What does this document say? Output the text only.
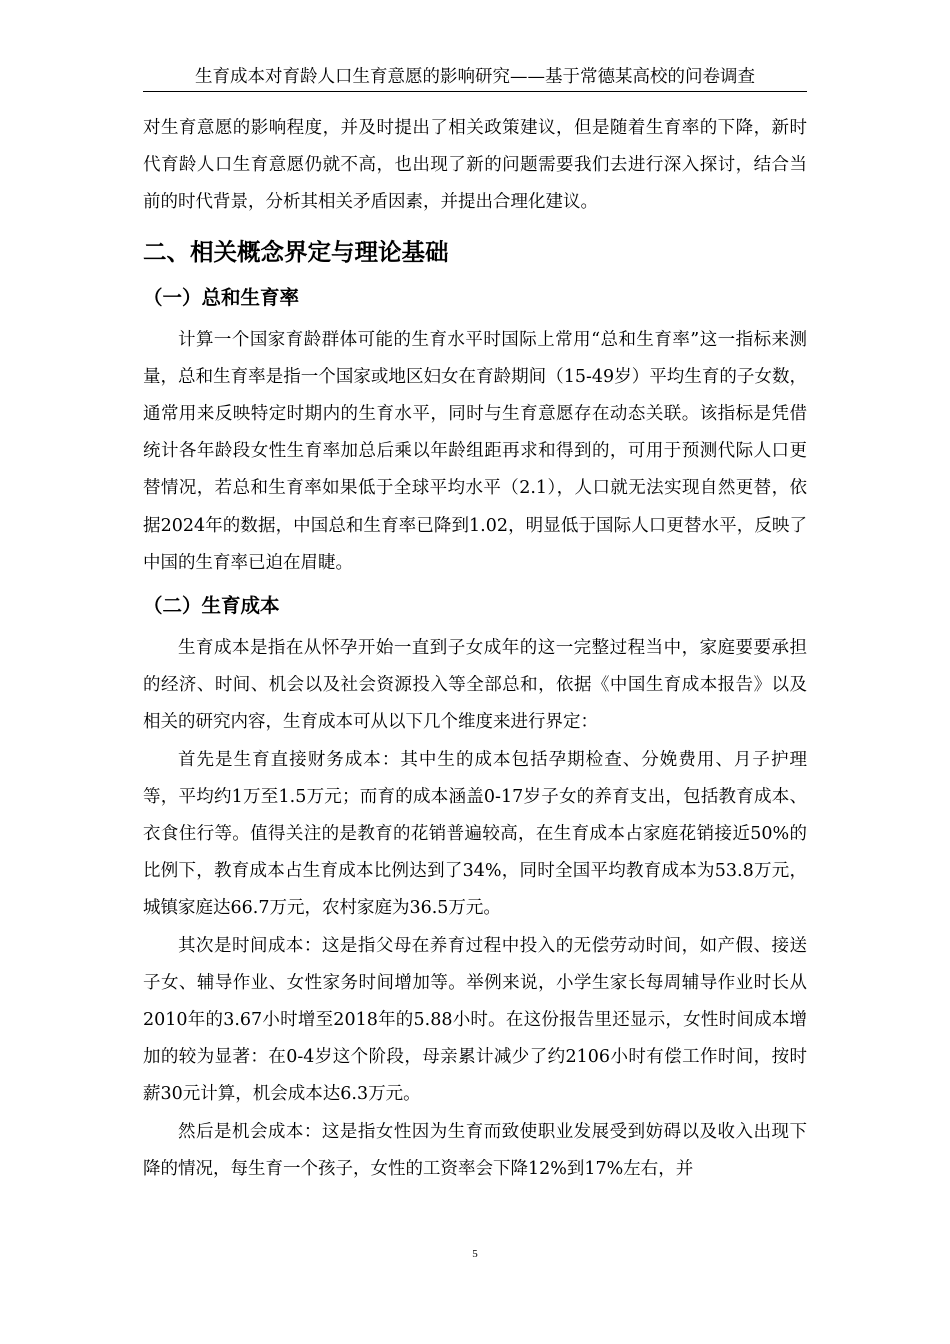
生育成本对育龄人口生育意愿的影响研究——基于常德某高校的问卷调查

对生育意愿的影响程度，并及时提出了相关政策建议，但是随着生育率的下降，新时代育龄人口生育意愿仍就不高，也出现了新的问题需要我们去进行深入探讨，结合当前的时代背景，分析其相关矛盾因素，并提出合理化建议。

二、相关概念界定与理论基础
（一）总和生育率

计算一个国家育龄群体可能的生育水平时国际上常用“总和生育率”这一指标来测量，总和生育率是指一个国家或地区妇女在育龄期间（15-49岁）平均生育的子女数，通常用来反映特定时期内的生育水平，同时与生育意愿存在动态关联。该指标是凭借统计各年龄段女性生育率加总后乘以年龄组距再求和得到的，可用于预测代际人口更替情况，若总和生育率如果低于全球平均水平（2.1），人口就无法实现自然更替，依据2024年的数据，中国总和生育率已降到1.02，明显低于国际人口更替水平，反映了中国的生育率已迫在眉睫。

（二）生育成本

生育成本是指在从怀孕开始一直到子女成年的这一完整过程当中，家庭要要承担的经济、时间、机会以及社会资源投入等全部总和，依据《中国生育成本报告》以及相关的研究内容，生育成本可从以下几个维度来进行界定：

首先是生育直接财务成本：其中生的成本包括孕期检查、分娩费用、月子护理等，平均约1万至1.5万元；而育的成本涵盖0-17岁子女的养育支出，包括教育成本、衣食住行等。值得关注的是教育的花销普遍较高，在生育成本占家庭花销接近50%的比例下，教育成本占生育成本比例达到了34%，同时全国平均教育成本为53.8万元，城镇家庭达66.7万元，农村家庭为36.5万元。

其次是时间成本：这是指父母在养育过程中投入的无偿劳动时间，如产假、接送子女、辅导作业、女性家务时间增加等。举例来说，小学生家长每周辅导作业时长从2010年的3.67小时增至2018年的5.88小时。在这份报告里还显示，女性时间成本增加的较为显著：在0-4岁这个阶段，母亲累计减少了约2106小时有偿工作时间，按时薪30元计算，机会成本达6.3万元。

然后是机会成本：这是指女性因为生育而致使职业发展受到妨碍以及收入出现下降的情况，每生育一个孩子，女性的工资率会下降12%到17%左右，并

5
